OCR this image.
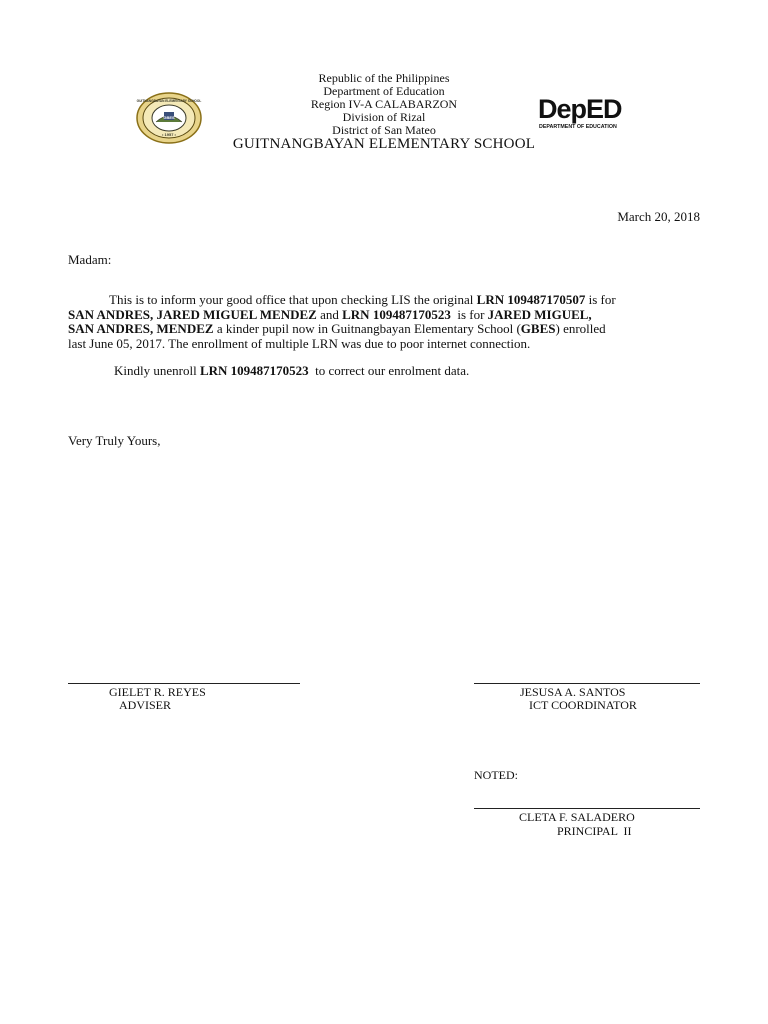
GBES
• 1957 •
GUITNANGBAYAN ELEMENTARY SCHOOL	DepED
DEPARTMENT OF EDUCATION
Republic of the Philippines
Department of Education
Region IV-A CALABARZON
Division of Rizal
District of San Mateo
GUITNANGBAYAN ELEMENTARY SCHOOL
March 20, 2018
Madam:
This is to inform your good office that upon checking LIS the original LRN 109487170507 is for
SAN ANDRES, JARED MIGUEL MENDEZ and LRN 109487170523  is for JARED MIGUEL,
SAN ANDRES, MENDEZ a kinder pupil now in Guitnangbayan Elementary School (GBES) enrolled
last June 05, 2017. The enrollment of multiple LRN was due to poor internet connection.
Kindly unenroll LRN 109487170523  to correct our enrolment data.
Very Truly Yours,
GIELET R. REYES
ADVISER
JESUSA A. SANTOS
ICT COORDINATOR
NOTED:
CLETA F. SALADERO
PRINCIPAL  II
